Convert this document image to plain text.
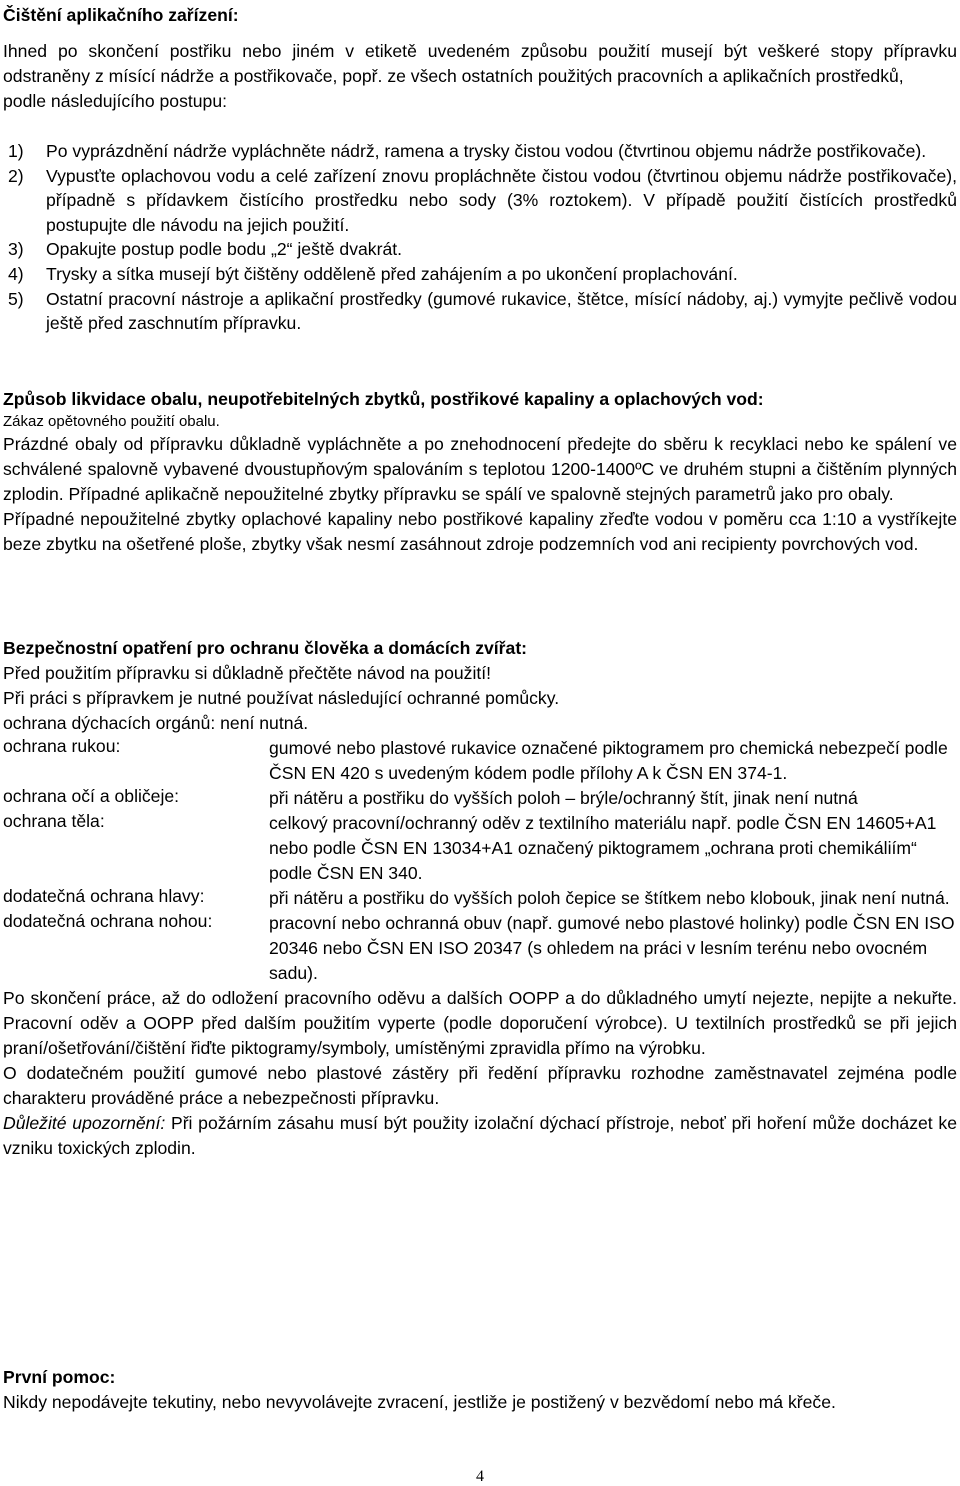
Čištění aplikačního zařízení:

Ihned po skončení postřiku nebo jiném v etiketě uvedeném způsobu použití musejí být veškeré stopy přípravku odstraněny z mísící nádrže a postřikovače, popř. ze všech ostatních použitých pracovních a aplikačních prostředků,

podle následujícího postupu:

1) Po vyprázdnění nádrže vypláchněte nádrž, ramena a trysky čistou vodou (čtvrtinou objemu nádrže postřikovače).
2) Vypusťte oplachovou vodu a celé zařízení znovu propláchněte čistou vodou (čtvrtinou objemu nádrže postřikovače), případně s přídavkem čistícího prostředku nebo sody (3% roztokem). V případě použití čistících prostředků postupujte dle návodu na jejich použití.
3) Opakujte postup podle bodu „2“ ještě dvakrát.
4) Trysky a sítka musejí být čištěny odděleně před zahájením a po ukončení proplachování.
5) Ostatní pracovní nástroje a aplikační prostředky (gumové rukavice, štětce, mísící nádoby, aj.) vymyjte pečlivě vodou ještě před zaschnutím přípravku.
Způsob likvidace obalu, neupotřebitelných zbytků, postřikové kapaliny a oplachových vod:

Zákaz opětovného použití obalu.

Prázdné obaly od přípravku důkladně vypláchněte a po znehodnocení předejte do sběru k recyklaci nebo ke spálení ve schválené spalovně vybavené dvoustupňovým spalováním s teplotou 1200-1400ºC ve druhém stupni a čištěním plynných zplodin. Případné aplikačně nepoužitelné zbytky přípravku se spálí ve spalovně stejných parametrů jako pro obaly.

Případné nepoužitelné zbytky oplachové kapaliny nebo postřikové kapaliny zřeďte vodou v poměru cca 1:10 a vystříkejte beze zbytku na ošetřené ploše, zbytky však nesmí zasáhnout zdroje podzemních vod ani recipienty povrchových vod.

Bezpečnostní opatření pro ochranu člověka a domácích zvířat:

Před použitím přípravku si důkladně přečtěte návod na použití!

Při práci s přípravkem je nutné používat následující ochranné pomůcky.

ochrana dýchacích orgánů: není nutná.

ochrana rukou:	gumové nebo plastové rukavice označené piktogramem pro chemická nebezpečí podle ČSN EN 420 s uvedeným kódem podle přílohy A k ČSN EN 374-1.

ochrana očí a obličeje:	při nátěru a postřiku do vyšších poloh – brýle/ochranný štít, jinak není nutná

ochrana těla:	celkový pracovní/ochranný oděv z textilního materiálu např. podle ČSN EN 14605+A1 nebo podle ČSN EN 13034+A1 označený piktogramem „ochrana proti chemikáliím“ podle ČSN EN 340.

dodatečná ochrana hlavy:	při nátěru a postřiku do vyšších poloh čepice se štítkem nebo klobouk, jinak není nutná.

dodatečná ochrana nohou:	pracovní nebo ochranná obuv (např. gumové nebo plastové holinky) podle ČSN EN ISO 20346 nebo ČSN EN ISO 20347 (s ohledem na práci v lesním terénu nebo ovocném sadu).

Po skončení práce, až do odložení pracovního oděvu a dalších OOPP a do důkladného umytí nejezte, nepijte a nekuřte. Pracovní oděv a OOPP před dalším použitím vyperte (podle doporučení výrobce). U textilních prostředků se při jejich praní/ošetřování/čištění řiďte piktogramy/symboly, umístěnými zpravidla přímo na výrobku.

O dodatečném použití gumové nebo plastové zástěry při ředění přípravku rozhodne zaměstnavatel zejména podle charakteru prováděné práce a nebezpečnosti přípravku.

Důležité upozornění: Při požárním zásahu musí být použity izolační dýchací přístroje, neboť při hoření může docházet ke vzniku toxických zplodin.

První pomoc:

Nikdy nepodávejte tekutiny, nebo nevyvolávejte zvracení, jestliže je postižený v bezvědomí nebo má křeče.

4
